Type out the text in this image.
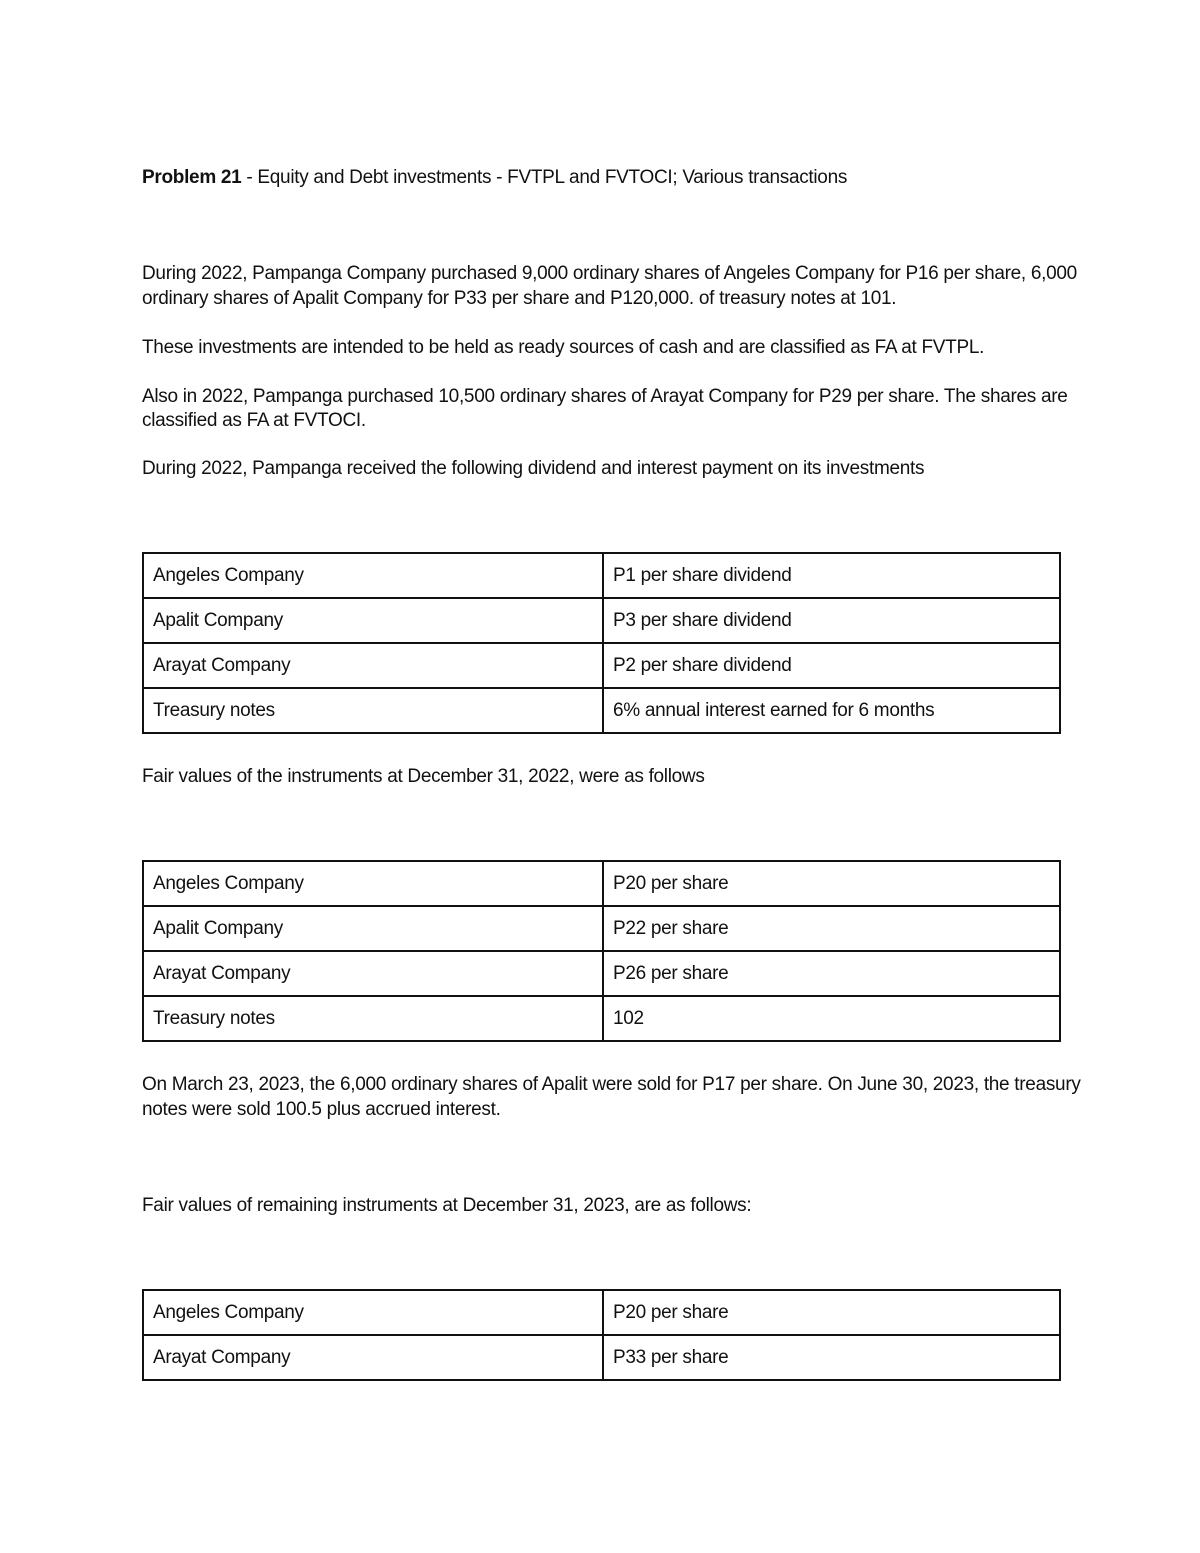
Problem 21 - Equity and Debt investments - FVTPL and FVTOCI; Various transactions
During 2022, Pampanga Company purchased 9,000 ordinary shares of Angeles Company for P16 per share, 6,000
ordinary shares of Apalit Company for P33 per share and P120,000. of treasury notes at 101.
These investments are intended to be held as ready sources of cash and are classified as FA at FVTPL.
Also in 2022, Pampanga purchased 10,500 ordinary shares of Arayat Company for P29 per share. The shares are
classified as FA at FVTOCI.
During 2022, Pampanga received the following dividend and interest payment on its investments
Angeles Company	P1 per share dividend
Apalit Company	P3 per share dividend
Arayat Company	P2 per share dividend
Treasury notes	6% annual interest earned for 6 months
Fair values of the instruments at December 31, 2022, were as follows
Angeles Company	P20 per share
Apalit Company	P22 per share
Arayat Company	P26 per share
Treasury notes	102
On March 23, 2023, the 6,000 ordinary shares of Apalit were sold for P17 per share. On June 30, 2023, the treasury
notes were sold 100.5 plus accrued interest.
Fair values of remaining instruments at December 31, 2023, are as follows:
Angeles Company	P20 per share
Arayat Company	P33 per share
